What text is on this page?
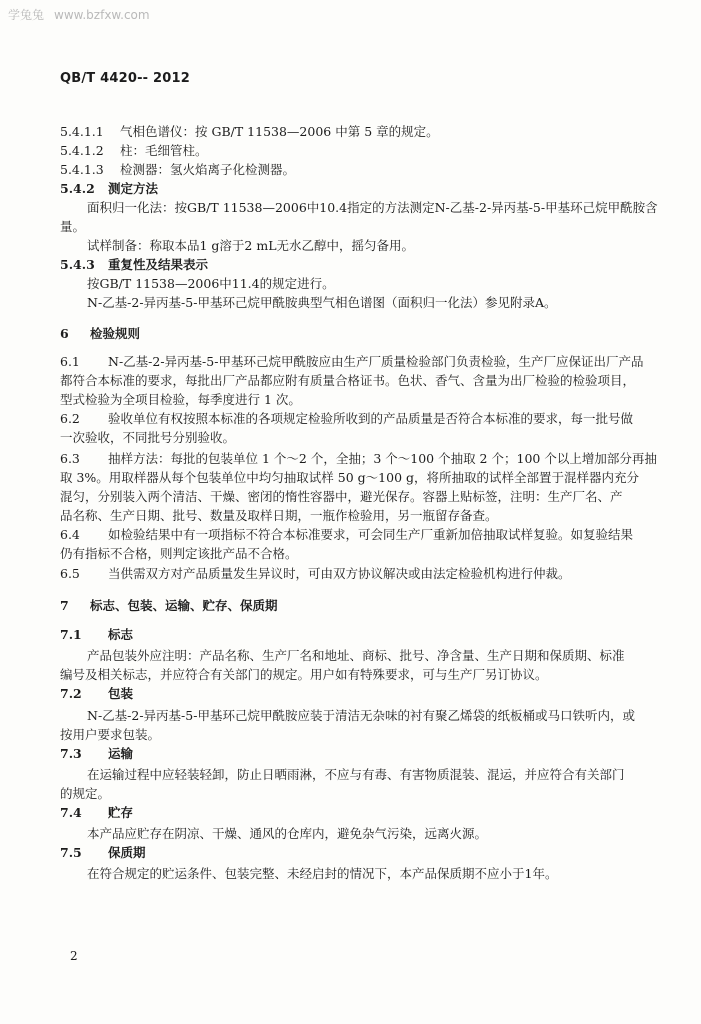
学兔兔 www.bzfxw.com
QB/T 4420-- 2012
5.4.1.1 气相色谱仪：按 GB/T 11538—2006 中第 5 章的规定。
5.4.1.2 柱：毛细管柱。
5.4.1.3 检测器：氢火焰离子化检测器。
5.4.2 测定方法
面积归一化法：按GB/T 11538—2006中10.4指定的方法测定N-乙基-2-异丙基-5-甲基环己烷甲酰胺含
量。
试样制备：称取本品1 g溶于2 mL无水乙醇中，摇匀备用。
5.4.3 重复性及结果表示
按GB/T 11538—2006中11.4的规定进行。
N-乙基-2-异丙基-5-甲基环己烷甲酰胺典型气相色谱图（面积归一化法）参见附录A。
6 检验规则
6.1 N-乙基-2-异丙基-5-甲基环己烷甲酰胺应由生产厂质量检验部门负责检验，生产厂应保证出厂产品
都符合本标准的要求，每批出厂产品都应附有质量合格证书。色状、香气、含量为出厂检验的检验项目，
型式检验为全项目检验，每季度进行 1 次。
6.2 验收单位有权按照本标准的各项规定检验所收到的产品质量是否符合本标准的要求，每一批号做
一次验收，不同批号分别验收。
6.3 抽样方法：每批的包装单位 1 个～2 个，全抽；3 个～100 个抽取 2 个；100 个以上增加部分再抽
取 3%。用取样器从每个包装单位中均匀抽取试样 50 g～100 g，将所抽取的试样全部置于混样器内充分
混匀，分别装入两个清洁、干燥、密闭的惰性容器中，避光保存。容器上贴标签，注明：生产厂名、产
品名称、生产日期、批号、数量及取样日期，一瓶作检验用，另一瓶留存备查。
6.4 如检验结果中有一项指标不符合本标准要求，可会同生产厂重新加倍抽取试样复验。如复验结果
仍有指标不合格，则判定该批产品不合格。
6.5 当供需双方对产品质量发生异议时，可由双方协议解决或由法定检验机构进行仲裁。
7 标志、包装、运输、贮存、保质期
7.1 标志
产品包装外应注明：产品名称、生产厂名和地址、商标、批号、净含量、生产日期和保质期、标准
编号及相关标志，并应符合有关部门的规定。用户如有特殊要求，可与生产厂另订协议。
7.2 包装
N-乙基-2-异丙基-5-甲基环己烷甲酰胺应装于清洁无杂味的衬有聚乙烯袋的纸板桶或马口铁听内，或
按用户要求包装。
7.3 运输
在运输过程中应轻装轻卸，防止日晒雨淋，不应与有毒、有害物质混装、混运，并应符合有关部门
的规定。
7.4 贮存
本产品应贮存在阴凉、干燥、通风的仓库内，避免杂气污染，远离火源。
7.5 保质期
在符合规定的贮运条件、包装完整、未经启封的情况下，本产品保质期不应小于1年。
2
